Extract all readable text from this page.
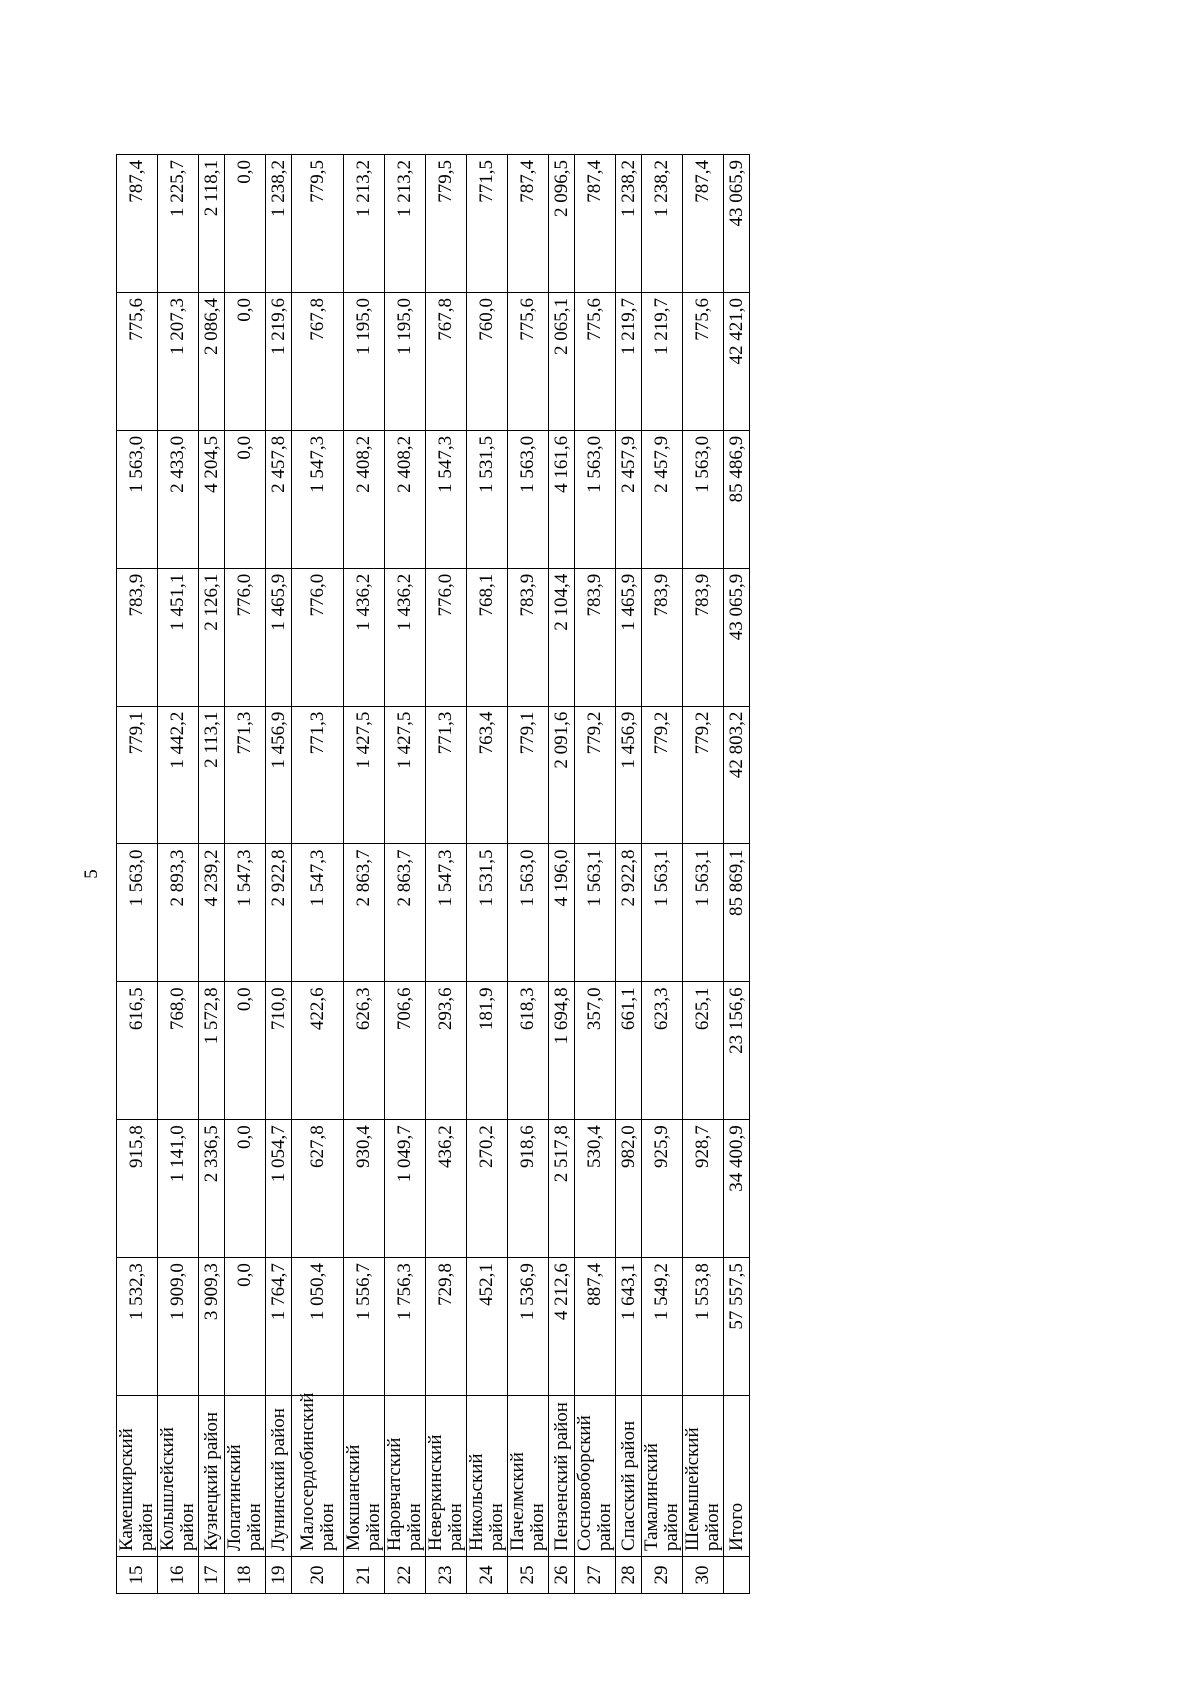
5
15	Камешкирский район	1 532,3	915,8	616,5	1 563,0	779,1	783,9	1 563,0	775,6	787,4
16	Колышлейский район	1 909,0	1 141,0	768,0	2 893,3	1 442,2	1 451,1	2 433,0	1 207,3	1 225,7
17	Кузнецкий район	3 909,3	2 336,5	1 572,8	4 239,2	2 113,1	2 126,1	4 204,5	2 086,4	2 118,1
18	Лопатинский район	0,0	0,0	0,0	1 547,3	771,3	776,0	0,0	0,0	0,0
19	Лунинский район	1 764,7	1 054,7	710,0	2 922,8	1 456,9	1 465,9	2 457,8	1 219,6	1 238,2
20	Малосердобинский район	1 050,4	627,8	422,6	1 547,3	771,3	776,0	1 547,3	767,8	779,5
21	Мокшанский район	1 556,7	930,4	626,3	2 863,7	1 427,5	1 436,2	2 408,2	1 195,0	1 213,2
22	Наровчатский район	1 756,3	1 049,7	706,6	2 863,7	1 427,5	1 436,2	2 408,2	1 195,0	1 213,2
23	Неверкинский район	729,8	436,2	293,6	1 547,3	771,3	776,0	1 547,3	767,8	779,5
24	Никольский район	452,1	270,2	181,9	1 531,5	763,4	768,1	1 531,5	760,0	771,5
25	Пачелмский район	1 536,9	918,6	618,3	1 563,0	779,1	783,9	1 563,0	775,6	787,4
26	Пензенский район	4 212,6	2 517,8	1 694,8	4 196,0	2 091,6	2 104,4	4 161,6	2 065,1	2 096,5
27	Сосновоборский район	887,4	530,4	357,0	1 563,1	779,2	783,9	1 563,0	775,6	787,4
28	Спасский район	1 643,1	982,0	661,1	2 922,8	1 456,9	1 465,9	2 457,9	1 219,7	1 238,2
29	Тамалинский район	1 549,2	925,9	623,3	1 563,1	779,2	783,9	2 457,9	1 219,7	1 238,2
30	Шемышейский район	1 553,8	928,7	625,1	1 563,1	779,2	783,9	1 563,0	775,6	787,4
	Итого	57 557,5	34 400,9	23 156,6	85 869,1	42 803,2	43 065,9	85 486,9	42 421,0	43 065,9
